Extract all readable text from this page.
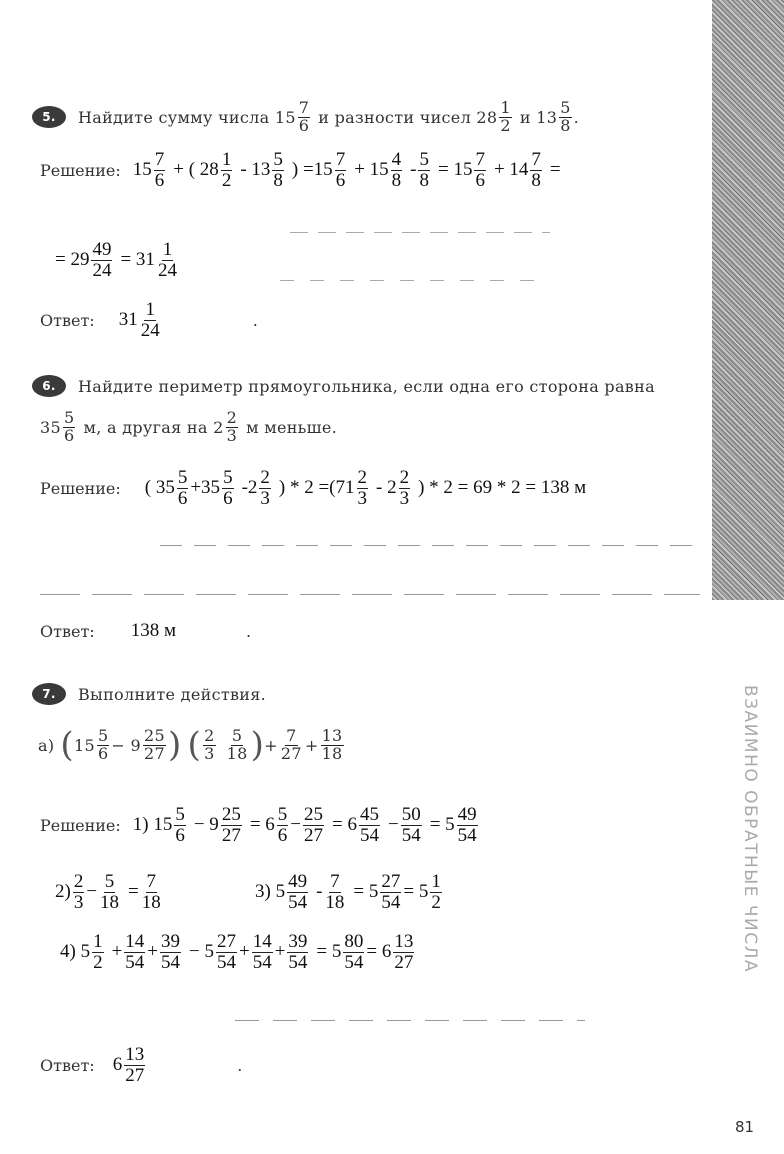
ВЗАИМНО ОБРАТНЫЕ ЧИСЛА
81
5.	Найдите сумму числа $15 \frac{7}{6}$ и разности чисел $28 \frac{1}{2}$ и $13 \frac{5}{8}$ .
Решение: $15 \frac{7}{6}$ + ( $28 \frac{1}{2} - 13 \frac{5}{8}$ ) $=15 \frac{7}{6} + 15 \frac{4}{8} - \frac{5}{8} = 15 \frac{7}{6} + 14 \frac{7}{8}$ =
= $29 \frac{49}{24} = 31 \frac{1}{24}$
Ответ: $31 \frac{1}{24}$	.
6.	Найдите периметр прямоугольника, если одна его сторона равна
$35 \frac{5}{6} м$, а другая на $2 \frac{2}{3}$ м меньше.
Решение: ( $35 \frac{5}{6} +35 \frac{5}{6} -2 \frac{2}{3}$ ) * $2 =(71 \frac{2}{3} - 2 \frac{2}{3}$ ) * 2 = 69 * 2 = 138 м
Ответ: 138 м	.
7.	Выполните действия.
а) ( $15 \frac{5}{6} - 9 \frac{25}{27}$ ) ( $\frac{2}{3} \frac{5}{18}$ ) + $\frac{7}{27} + \frac{13}{18}$
Решение: 1) $15 \frac{5}{6} - 9 \frac{25}{27} = 6 \frac{5}{6} - \frac{25}{27} = 6 \frac{45}{54} - \frac{50}{54} = 5 \frac{49}{54}$
$2) \frac{2}{3} - \frac{5}{18} = \frac{7}{18}$	3) $5 \frac{49}{54} - \frac{7}{18} = 5 \frac{27}{54} = 5 \frac{1}{2}$
4) $5 \frac{1}{2} + \frac{14}{54} + \frac{39}{54} - 5 \frac{27}{54} + \frac{14}{54} + \frac{39}{54} = 5 \frac{80}{54} = 6 \frac{13}{27}$
Ответ: $6 \frac{13}{27}$	.
